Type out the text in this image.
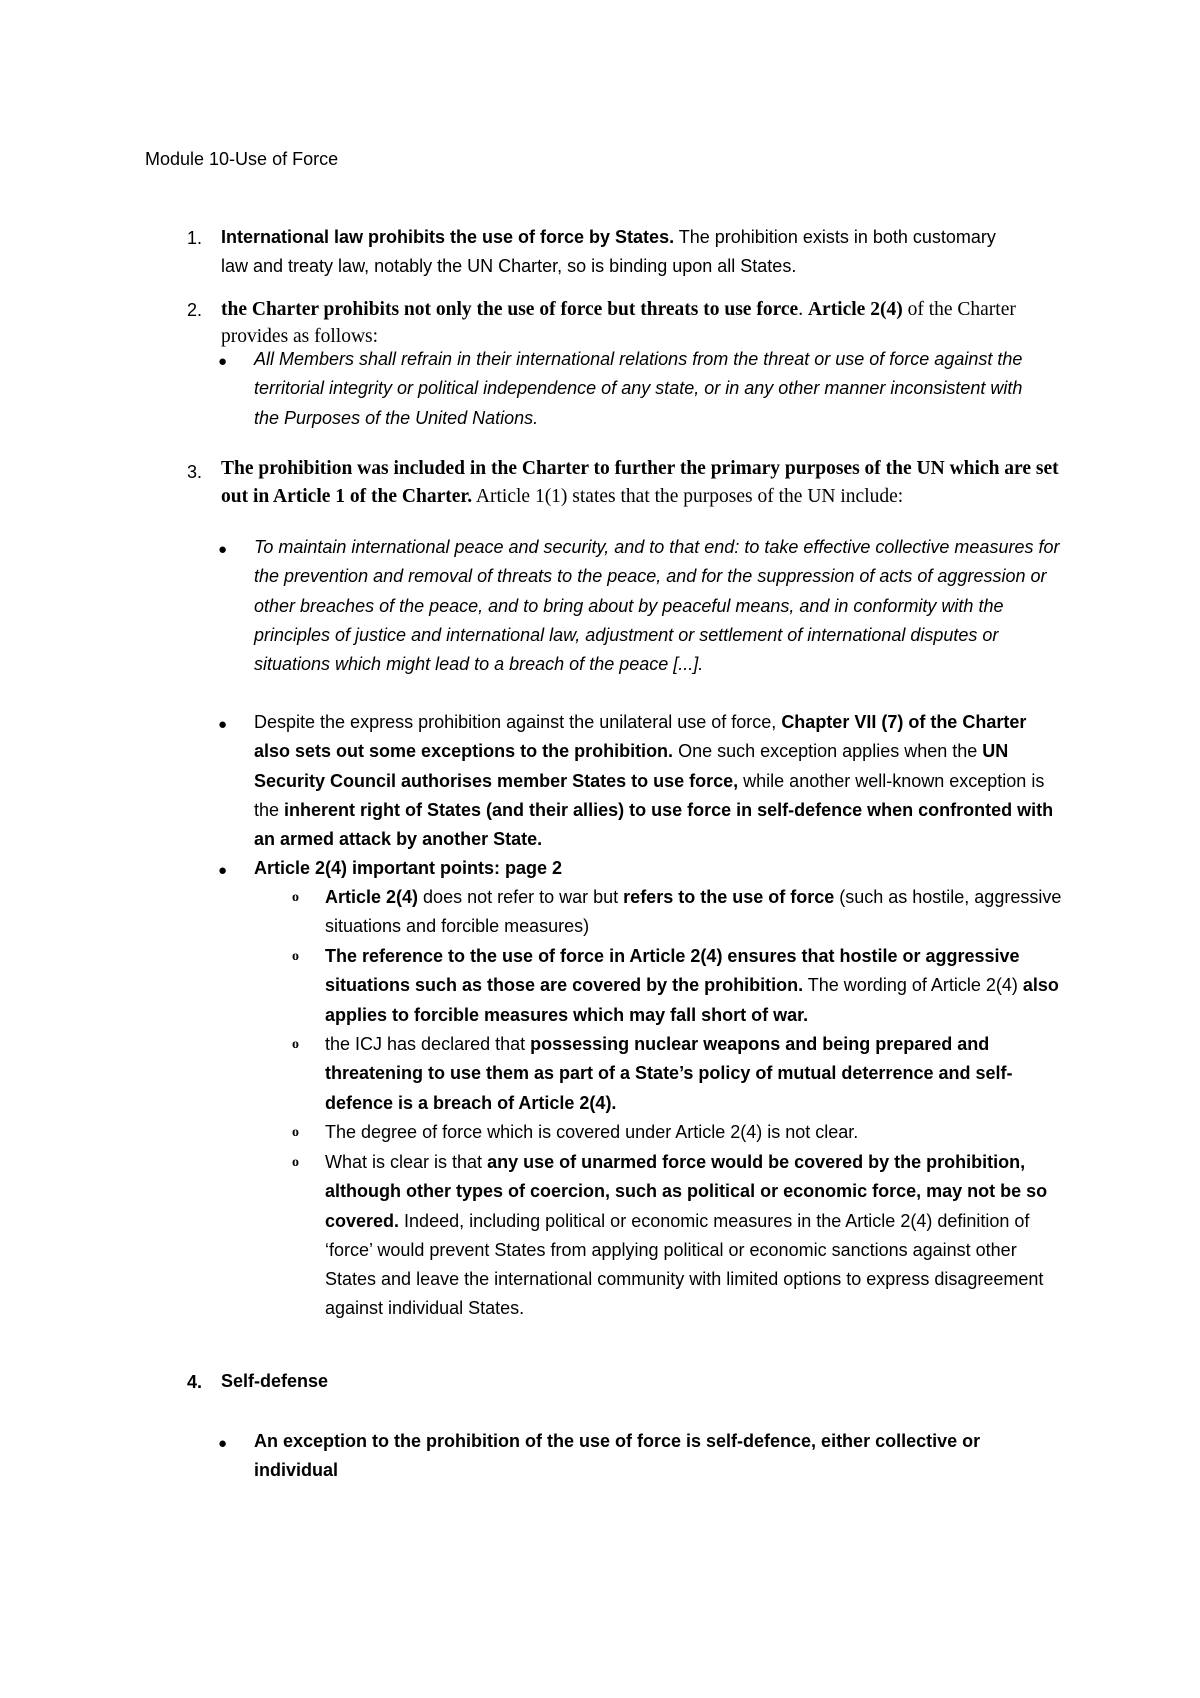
Module 10-Use of Force
1. International law prohibits the use of force by States. The prohibition exists in both customary law and treaty law, notably the UN Charter, so is binding upon all States.
2. the Charter prohibits not only the use of force but threats to use force. Article 2(4) of the Charter provides as follows:
● All Members shall refrain in their international relations from the threat or use of force against the territorial integrity or political independence of any state, or in any other manner inconsistent with the Purposes of the United Nations.
3. The prohibition was included in the Charter to further the primary purposes of the UN which are set out in Article 1 of the Charter. Article 1(1) states that the purposes of the UN include:
● To maintain international peace and security, and to that end: to take effective collective measures for the prevention and removal of threats to the peace, and for the suppression of acts of aggression or other breaches of the peace, and to bring about by peaceful means, and in conformity with the principles of justice and international law, adjustment or settlement of international disputes or situations which might lead to a breach of the peace [...].
● Despite the express prohibition against the unilateral use of force, Chapter VII (7) of the Charter also sets out some exceptions to the prohibition. One such exception applies when the UN Security Council authorises member States to use force, while another well-known exception is the inherent right of States (and their allies) to use force in self-defence when confronted with an armed attack by another State.
● Article 2(4) important points: page 2
o Article 2(4) does not refer to war but refers to the use of force (such as hostile, aggressive situations and forcible measures)
o The reference to the use of force in Article 2(4) ensures that hostile or aggressive situations such as those are covered by the prohibition. The wording of Article 2(4) also applies to forcible measures which may fall short of war.
o the ICJ has declared that possessing nuclear weapons and being prepared and threatening to use them as part of a State’s policy of mutual deterrence and self-defence is a breach of Article 2(4).
o The degree of force which is covered under Article 2(4) is not clear.
o What is clear is that any use of unarmed force would be covered by the prohibition, although other types of coercion, such as political or economic force, may not be so covered. Indeed, including political or economic measures in the Article 2(4) definition of ‘force’ would prevent States from applying political or economic sanctions against other States and leave the international community with limited options to express disagreement against individual States.
4. Self-defense
● An exception to the prohibition of the use of force is self-defence, either collective or individual
